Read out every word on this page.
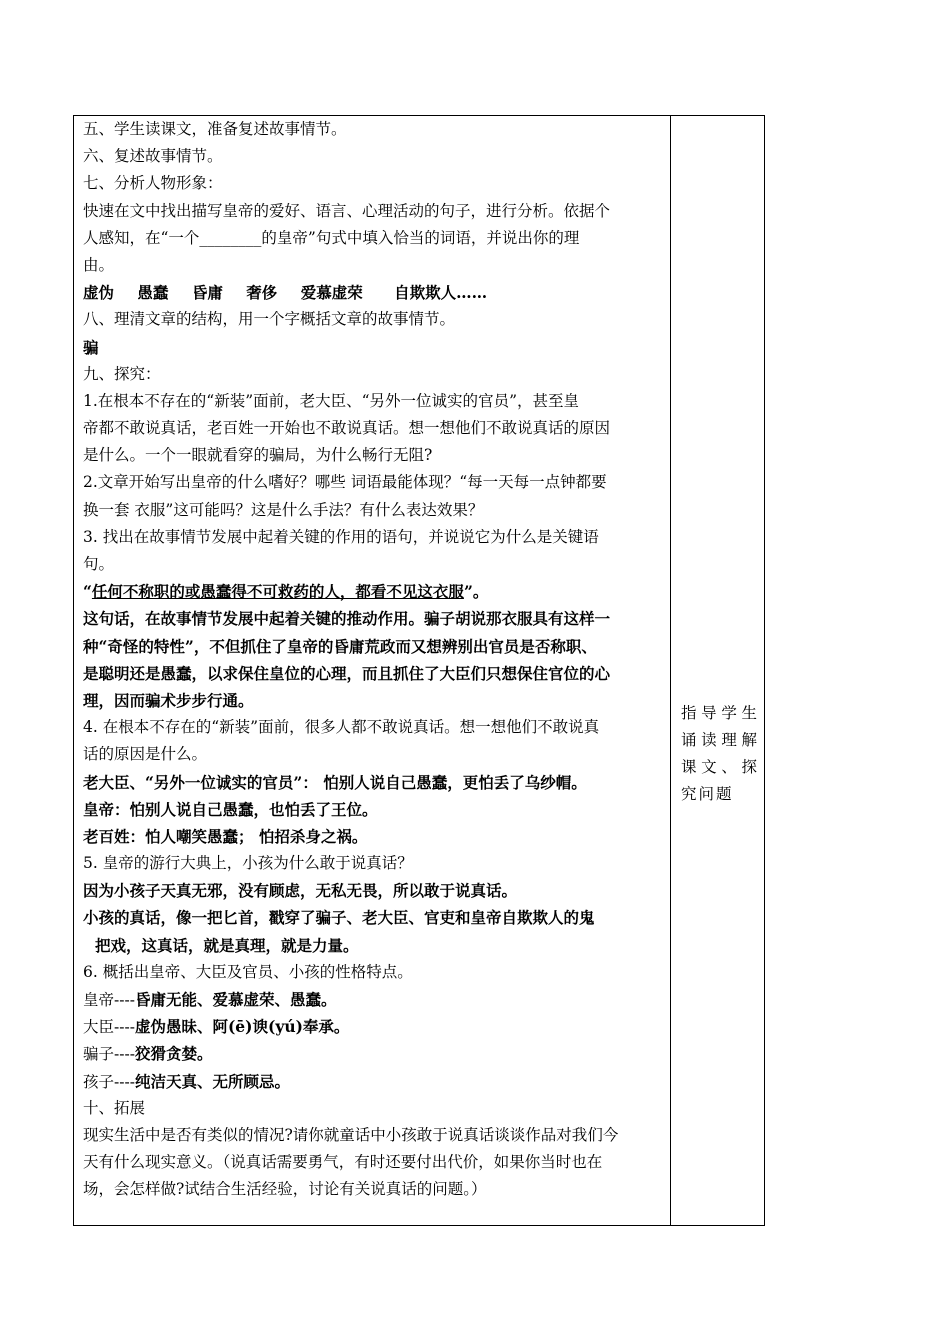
五、学生读课文，准备复述故事情节。
六、复述故事情节。
七、分析人物形象：
快速在文中找出描写皇帝的爱好、语言、心理活动的句子，进行分析。依据个
人感知，在“一个________的皇帝”句式中填入恰当的词语，并说出你的理
由。
虚伪 愚蠢 昏庸 奢侈 爱慕虚荣 自欺欺人……
八、理清文章的结构，用一个字概括文章的故事情节。
骗
九、探究：
1.在根本不存在的“新装”面前，老大臣、“另外一位诚实的官员”，甚至皇
帝都不敢说真话，老百姓一开始也不敢说真话。想一想他们不敢说真话的原因
是什么。一个一眼就看穿的骗局，为什么畅行无阻?
2.文章开始写出皇帝的什么嗜好？哪些 词语最能体现？“每一天每一点钟都要
换一套 衣服”这可能吗？这是什么手法？有什么表达效果？
3. 找出在故事情节发展中起着关键的作用的语句，并说说它为什么是关键语
句。
“任何不称职的或愚蠢得不可救药的人，都看不见这衣服”。
这句话，在故事情节发展中起着关键的推动作用。骗子胡说那衣服具有这样一
种“奇怪的特性”，不但抓住了皇帝的昏庸荒政而又想辨别出官员是否称职、
是聪明还是愚蠢，以求保住皇位的心理，而且抓住了大臣们只想保住官位的心
理，因而骗术步步行通。
4. 在根本不存在的“新装”面前，很多人都不敢说真话。想一想他们不敢说真
话的原因是什么。
老大臣、“另外一位诚实的官员”： 怕别人说自己愚蠢，更怕丢了乌纱帽。
皇帝：怕别人说自己愚蠢，也怕丢了王位。
老百姓：怕人嘲笑愚蠢； 怕招杀身之祸。
5. 皇帝的游行大典上，小孩为什么敢于说真话？
因为小孩子天真无邪，没有顾虑，无私无畏，所以敢于说真话。
小孩的真话，像一把匕首，戳穿了骗子、老大臣、官吏和皇帝自欺欺人的鬼
把戏，这真话，就是真理，就是力量。
6. 概括出皇帝、大臣及官员、小孩的性格特点。
皇帝----昏庸无能、爱慕虚荣、愚蠢。
大臣----虚伪愚昧、阿(ē)谀(yú)奉承。
骗子----狡猾贪婪。
孩子----纯洁天真、无所顾忌。
十、拓展
现实生活中是否有类似的情况?请你就童话中小孩敢于说真话谈谈作品对我们今
天有什么现实意义。（说真话需要勇气，有时还要付出代价，如果你当时也在
场，会怎样做?试结合生活经验，讨论有关说真话的问题。）
指导学生诵读理解课文、探究问题
